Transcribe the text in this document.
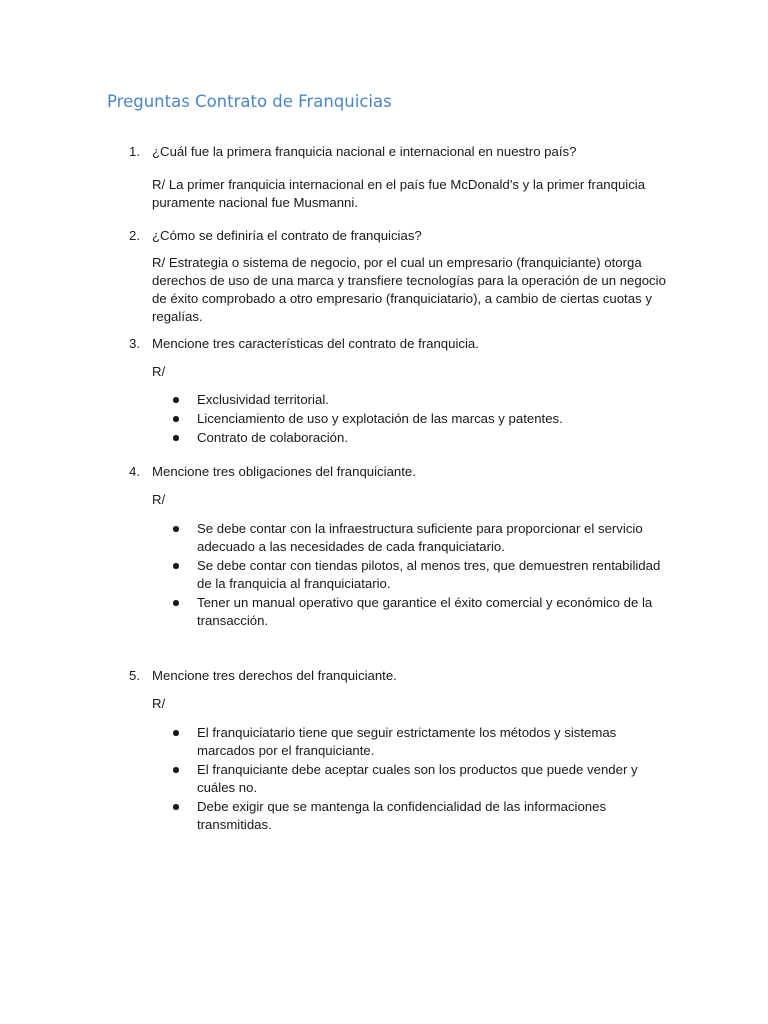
Preguntas Contrato de Franquicias
1. ¿Cuál fue la primera franquicia nacional e internacional en nuestro país?

R/ La primer franquicia internacional en el país fue McDonald’s y la primer franquicia puramente nacional fue Musmanni.

2. ¿Cómo se definiría el contrato de franquicias?

R/ Estrategia o sistema de negocio, por el cual un empresario (franquiciante) otorga derechos de uso de una marca y transfiere tecnologías para la operación de un negocio de éxito comprobado a otro empresario (franquiciatario), a cambio de ciertas cuotas y regalías.

3. Mencione tres características del contrato de franquicia.

R/

Exclusividad territorial.
Licenciamiento de uso y explotación de las marcas y patentes.
Contrato de colaboración.
4. Mencione tres obligaciones del franquiciante.

R/

Se debe contar con la infraestructura suficiente para proporcionar el servicio adecuado a las necesidades de cada franquiciatario.
Se debe contar con tiendas pilotos, al menos tres, que demuestren rentabilidad de la franquicia al franquiciatario.
Tener un manual operativo que garantice el éxito comercial y económico de la transacción.
5. Mencione tres derechos del franquiciante.

R/

El franquiciatario tiene que seguir estrictamente los métodos y sistemas marcados por el franquiciante.
El franquiciante debe aceptar cuales son los productos que puede vender y cuáles no.
Debe exigir que se mantenga la confidencialidad de las informaciones transmitidas.
